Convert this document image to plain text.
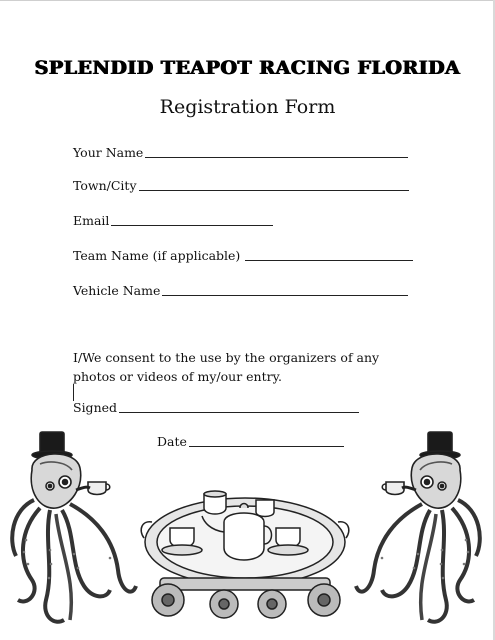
SPLENDID TEAPOT RACING FLORIDA
Registration Form
Your Name
Town/City
Email
Team Name (if applicable)
Vehicle Name
I/We consent to the use by the organizers of any photos or videos of my/our entry.
Signed
Date
